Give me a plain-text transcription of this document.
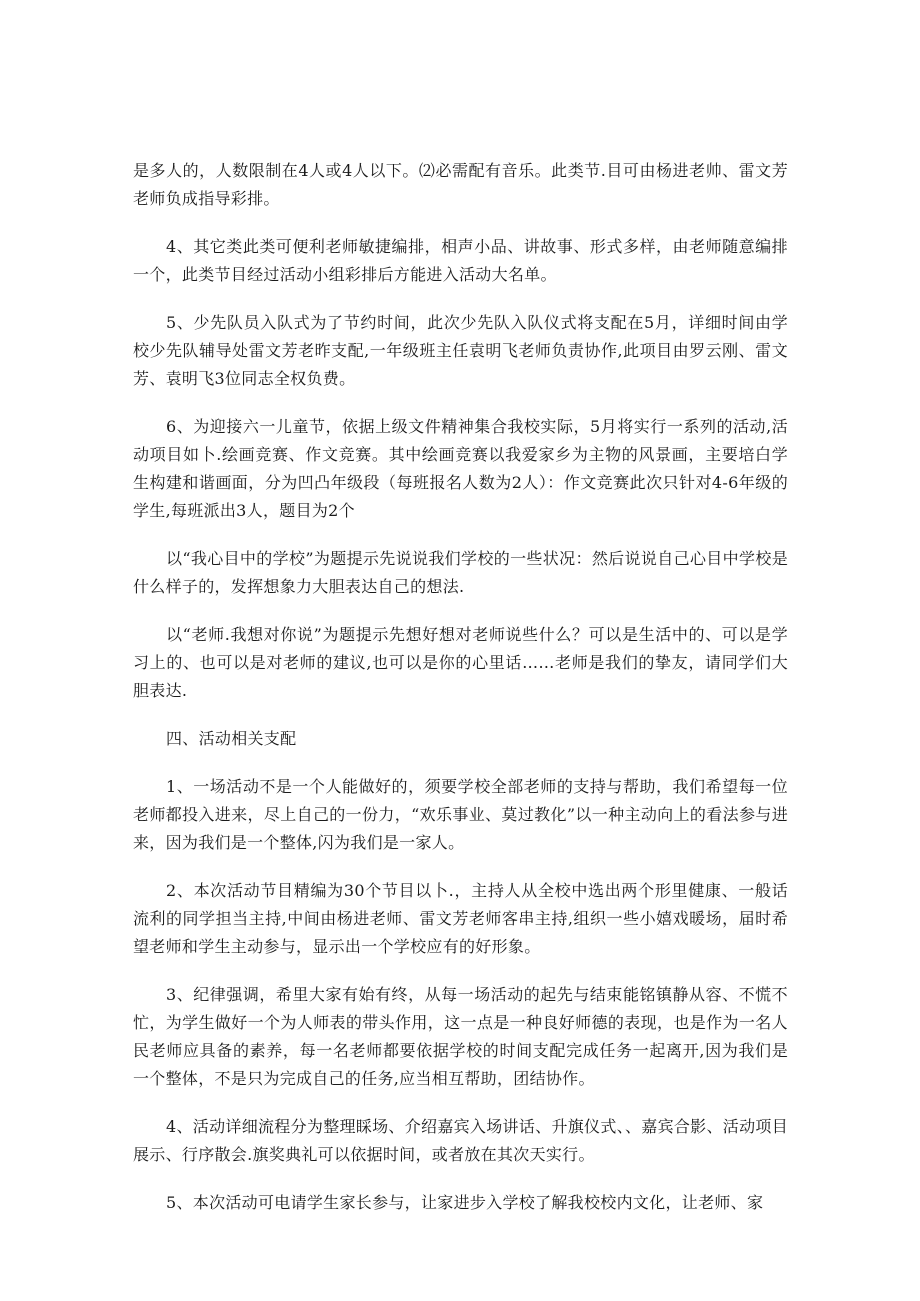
是多人的，人数限制在4人或4人以下。⑵必需配有音乐。此类节.目可由杨进老帅、雷文芳老师负成指导彩排。

4、其它类此类可便利老师敏捷编排，相声小品、讲故事、形式多样，由老师随意编排一个，此类节目经过活动小组彩排后方能进入活动大名单。

5、少先队员入队式为了节约时间，此次少先队入队仪式将支配在5月，详细时间由学校少先队辅导处雷文芳老昨支配,一年级班主任袁明飞老师负责协作,此项目由罗云刚、雷文芳、袁明飞3位同志全权负费。

6、为迎接六一儿童节，依据上级文件精神集合我校实际，5月将实行一系列的活动,活动项目如卜.绘画竞赛、作文竞赛。其中绘画竞赛以我爱家乡为主物的风景画，主要培白学生构建和谐画面，分为凹凸年级段（每班报名人数为2人）：作文竞赛此次只针对4-6年级的学生,每班派出3人，题目为2个

以“我心目中的学校”为题提示先说说我们学校的一些状况：然后说说自己心目中学校是什么样子的，发挥想象力大胆表达自己的想法.

以“老师.我想对你说”为题提示先想好想对老师说些什么？可以是生活中的、可以是学习上的、也可以是对老师的建议,也可以是你的心里话……老师是我们的挚友，请同学们大胆表达.

四、活动相关支配

1、一场活动不是一个人能做好的，须要学校全部老师的支持与帮助，我们希望每一位老师都投入进来，尽上自己的一份力，“欢乐事业、莫过教化”以一种主动向上的看法参与进来，因为我们是一个整体,闪为我们是一家人。

2、本次活动节目精编为30个节目以卜.，主持人从全校中选出两个形里健康、一般话流利的同学担当主持,中间由杨进老师、雷文芳老师客串主持,组织一些小嬉戏暖场，届时希望老师和学生主动参与，显示出一个学校应有的好形象。

3、纪律强调，希里大家有始有终，从每一场活动的起先与结束能铭镇静从容、不慌不忙，为学生做好一个为人师表的带头作用，这一点是一种良好师德的表现，也是作为一名人民老师应具备的素养，每一名老师都要依据学校的时间支配完成任务一起离开,因为我们是一个整体，不是只为完成自己的任务,应当相互帮助，团结协作。

4、活动详细流程分为整理睬场、介绍嘉宾入场讲话、升旗仪式、、嘉宾合影、活动项目展示、行序散会.旗奖典礼可以依据时间，或者放在其次天实行。

5、本次活动可电请学生家长参与，让家进步入学校了解我校校内文化，让老师、家
